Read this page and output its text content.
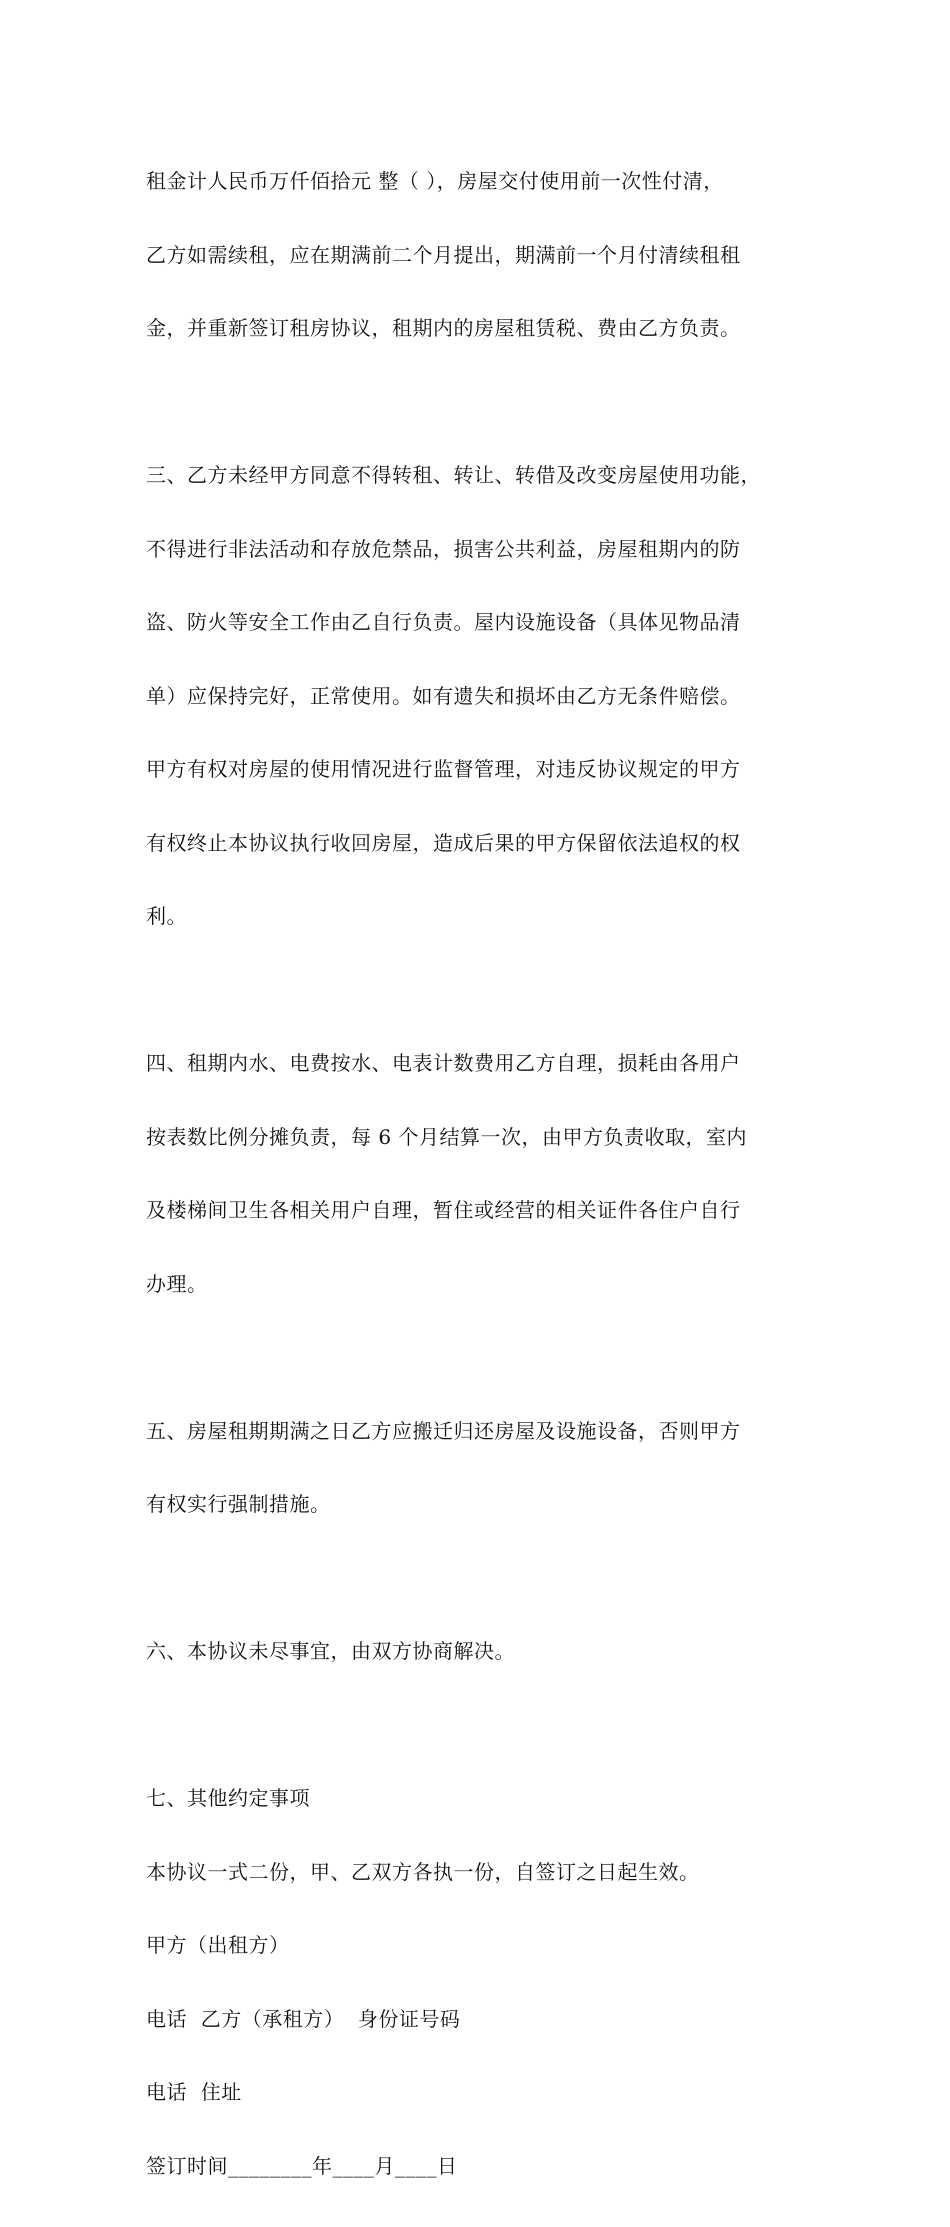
租金计人民币万仟佰拾元 整（ ），房屋交付使用前一次性付清，

乙方如需续租，应在期满前二个月提出，期满前一个月付清续租租

金，并重新签订租房协议，租期内的房屋租赁税、费由乙方负责。

三、乙方未经甲方同意不得转租、转让、转借及改变房屋使用功能，

不得进行非法活动和存放危禁品，损害公共利益，房屋租期内的防

盗、防火等安全工作由乙自行负责。屋内设施设备（具体见物品清

单）应保持完好，正常使用。如有遗失和损坏由乙方无条件赔偿。

甲方有权对房屋的使用情况进行监督管理，对违反协议规定的甲方

有权终止本协议执行收回房屋，造成后果的甲方保留依法追权的权

利。

四、租期内水、电费按水、电表计数费用乙方自理，损耗由各用户

按表数比例分摊负责，每 6 个月结算一次，由甲方负责收取，室内

及楼梯间卫生各相关用户自理，暂住或经营的相关证件各住户自行

办理。

五、房屋租期期满之日乙方应搬迁归还房屋及设施设备，否则甲方

有权实行强制措施。

六、本协议未尽事宜，由双方协商解决。

七、其他约定事项

本协议一式二份，甲、乙双方各执一份，自签订之日起生效。

甲方（出租方）

电话  乙方（承租方）  身份证号码

电话  住址

签订时间________年____月____日
